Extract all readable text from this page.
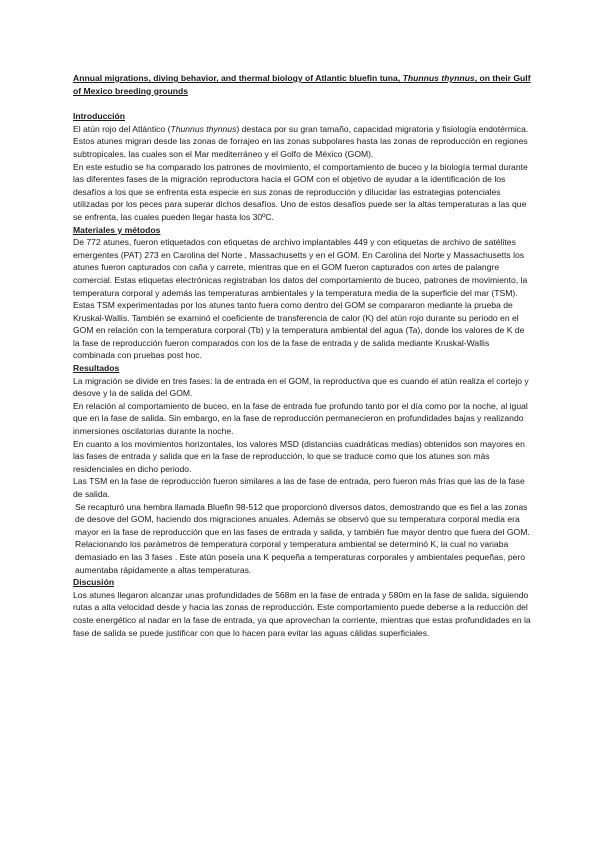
Annual migrations, diving behavior, and thermal biology of Atlantic bluefin tuna, Thunnus thynnus, on their Gulf of Mexico breeding grounds

Introducción

El atún rojo del Atlántico (Thunnus thynnus) destaca por su gran tamaño, capacidad migratoria y fisiología endotérmica. Estos atunes migran desde las zonas de forrajeo en las zonas subpolares hasta las zonas de reproducción en regiones subtropicales, las cuales son el Mar mediterráneo y el Golfo de México (GOM).

En este estudio se ha comparado los patrones de movimiento, el comportamiento de buceo y la biología termal durante las diferentes fases de la migración reproductora hacia el GOM con el objetivo de ayudar a la identificación de los desafíos a los que se enfrenta esta especie en sus zonas de reproducción y dilucidar las estrategias potenciales utilizadas por los peces para superar dichos desafíos. Uno de estos desafíos puede ser la altas temperaturas a las que se enfrenta, las cuales pueden llegar hasta los 30ºC.

Materiales y métodos

De 772 atunes, fueron etiquetados con etiquetas de archivo implantables 449 y con etiquetas de archivo de satélites emergentes (PAT) 273 en Carolina del Norte , Massachusetts y en el GOM. En Carolina del Norte y Massachusetts los atunes fueron capturados con caña y carrete, mientras que en el GOM fueron capturados con artes de palangre comercial. Estas etiquetas electrónicas registraban los datos del comportamiento de buceo, patrones de movimiento, la temperatura corporal y además las temperaturas ambientales y la temperatura media de la superficie del mar (TSM).

Estas TSM experimentadas por los atunes tanto fuera como dentro del GOM se compararon mediante la prueba de Kruskal-Wallis. También se examinó el coeficiente de transferencia de calor (K) del atún rojo durante su periodo en el GOM en relación con la temperatura corporal (Tb) y la temperatura ambiental del agua (Ta), donde los valores de K de la fase de reproducción fueron comparados con los de la fase de entrada y de salida mediante Kruskal-Wallis combinada con pruebas post hoc.

Resultados

La migración se divide en tres fases: la de entrada en el GOM, la reproductiva que es cuando el atún realiza el cortejo y desove y la de salida del GOM.

En relación al comportamiento de buceo, en la fase de entrada fue profundo tanto por el día como por la noche, al igual que en la fase de salida. Sin embargo, en la fase de reproducción permanecieron en profundidades bajas y realizando inmersiones oscilatorias durante la noche.

En cuanto a los movimientos horizontales, los valores MSD (distancias cuadráticas medias) obtenidos son mayores en las fases de entrada y salida que en la fase de reproducción, lo que se traduce como que los atunes son más residenciales en dicho periodo.

Las TSM en la fase de reproducción fueron similares a las de fase de entrada, pero fueron más frías que las de la fase de salida.

Se recapturó una hembra llamada Bluefin 98-512 que proporcionó diversos datos, demostrando que es fiel a las zonas de desove del GOM, haciendo dos migraciones anuales. Además se observó que su temperatura corporal media era mayor en la fase de reproducción que en las fases de entrada y salida, y también fue mayor dentro que fuera del GOM. Relacionando los parámetros de temperatura corporal y temperatura ambiental se determinó K, la cual no variaba demasiado en las 3 fases . Este atún poseía una K pequeña a temperaturas corporales y ambientales pequeñas, pero aumentaba rápidamente a altas temperaturas.

Discusión

Los atunes llegaron alcanzar unas profundidades de 568m en la fase de entrada y 580m en la fase de salida, siguiendo rutas a alta velocidad desde y hacia las zonas de reproducción. Este comportamiento puede deberse a la reducción del coste energético al nadar en la fase de entrada, ya que aprovechan la corriente, mientras que estas profundidades en la fase de salida se puede justificar con que lo hacen para evitar las aguas cálidas superficiales.
